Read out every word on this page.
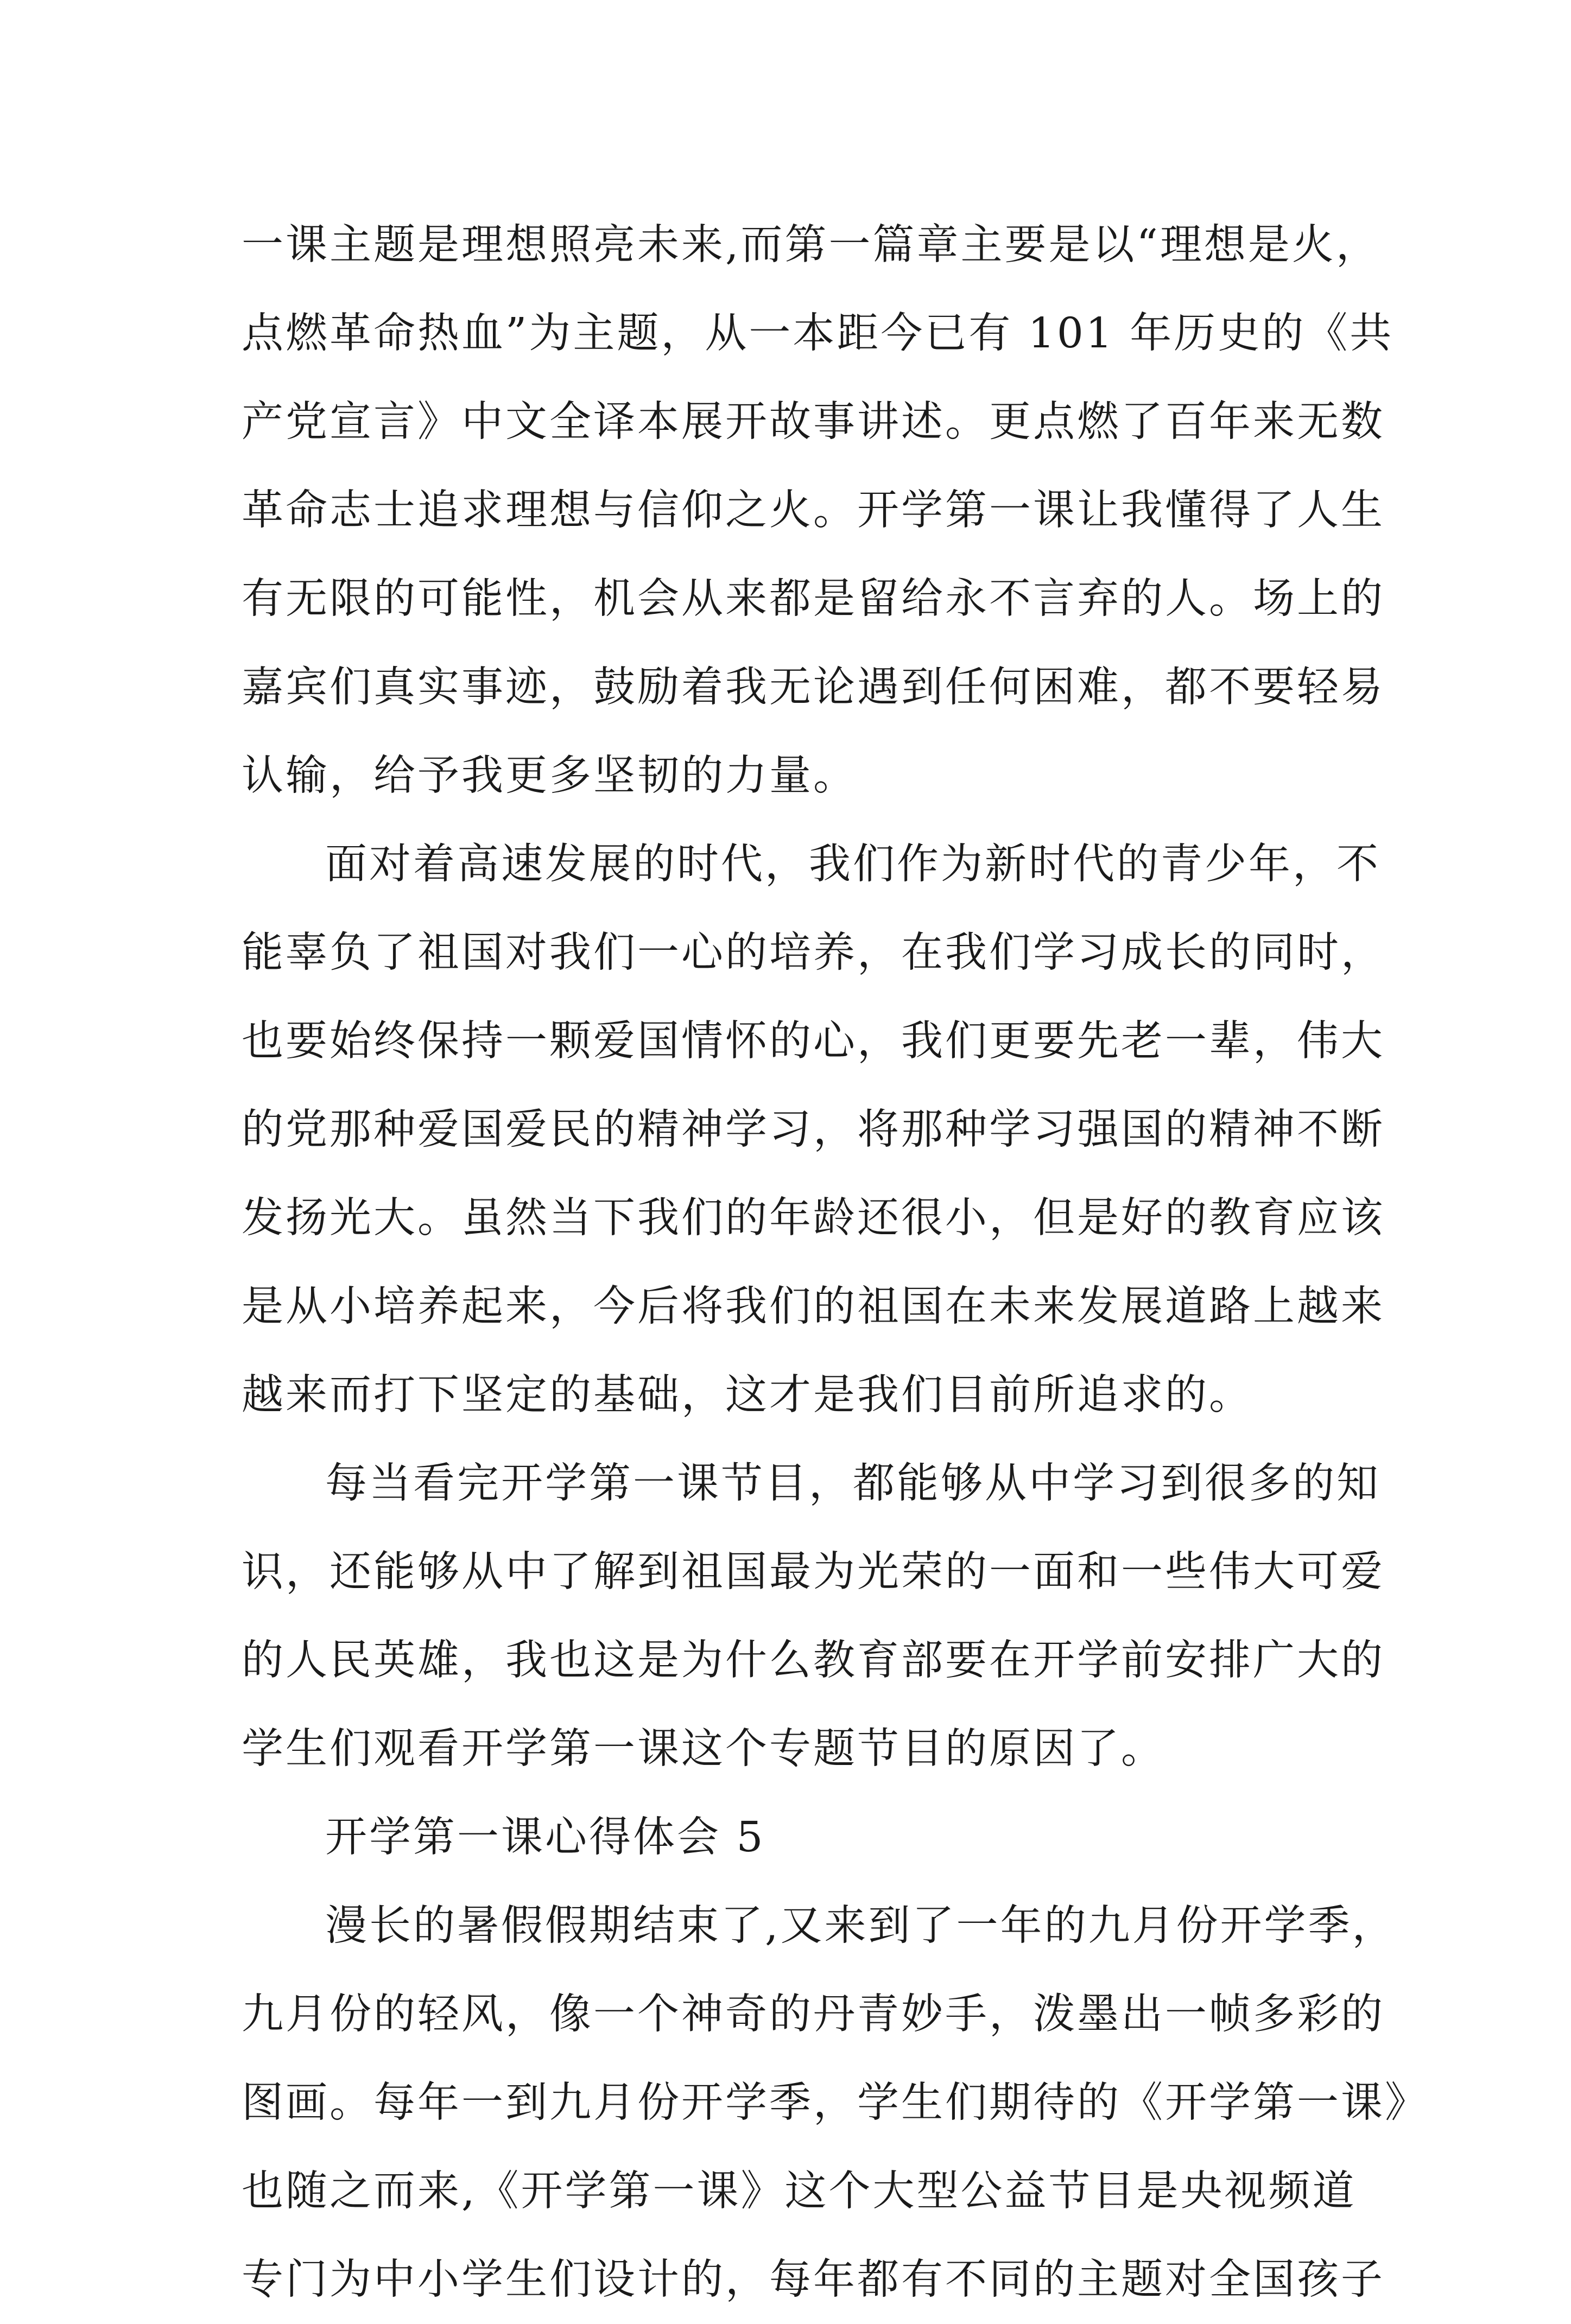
一课主题是理想照亮未来,而第一篇章主要是以“理想是火，
点燃革命热血”为主题，从一本距今已有 101 年历史的《共
产党宣言》中文全译本展开故事讲述。更点燃了百年来无数
革命志士追求理想与信仰之火。开学第一课让我懂得了人生
有无限的可能性，机会从来都是留给永不言弃的人。场上的
嘉宾们真实事迹，鼓励着我无论遇到任何困难，都不要轻易
认输，给予我更多坚韧的力量。
面对着高速发展的时代，我们作为新时代的青少年，不
能辜负了祖国对我们一心的培养，在我们学习成长的同时，
也要始终保持一颗爱国情怀的心，我们更要先老一辈，伟大
的党那种爱国爱民的精神学习，将那种学习强国的精神不断
发扬光大。虽然当下我们的年龄还很小，但是好的教育应该
是从小培养起来，今后将我们的祖国在未来发展道路上越来
越来而打下坚定的基础，这才是我们目前所追求的。
每当看完开学第一课节目，都能够从中学习到很多的知
识，还能够从中了解到祖国最为光荣的一面和一些伟大可爱
的人民英雄，我也这是为什么教育部要在开学前安排广大的
学生们观看开学第一课这个专题节目的原因了。
开学第一课心得体会 5
漫长的暑假假期结束了,又来到了一年的九月份开学季，
九月份的轻风，像一个神奇的丹青妙手，泼墨出一帧多彩的
图画。每年一到九月份开学季，学生们期待的《开学第一课》
也随之而来,《开学第一课》这个大型公益节目是央视频道
专门为中小学生们设计的，每年都有不同的主题对全国孩子
